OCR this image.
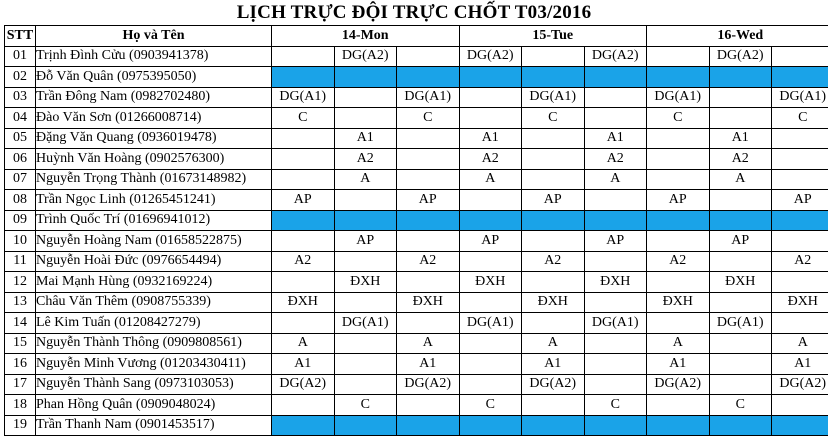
LỊCH TRỰC ĐỘI TRỰC CHỐT T03/2016
STT	Họ và Tên	14-Mon			15-Tue			16-Wed		
01	Trịnh Đình Cửu (0903941378)		DG(A2)		DG(A2)		DG(A2)		DG(A2)	
02	Đỗ Văn Quân (0975395050)									
03	Trần Đông Nam (0982702480)	DG(A1)		DG(A1)		DG(A1)		DG(A1)		DG(A1)
04	Đào Văn Sơn (01266008714)	C		C		C		C		C
05	Đặng Văn Quang (0936019478)		A1		A1		A1		A1	
06	Huỳnh Văn Hoàng (0902576300)		A2		A2		A2		A2	
07	Nguyễn Trọng Thành (01673148982)		A		A		A		A	
08	Trần Ngọc Linh (01265451241)	AP		AP		AP		AP		AP
09	Trình Quốc Trí (01696941012)									
10	Nguyễn Hoàng Nam (01658522875)		AP		AP		AP		AP	
11	Nguyễn Hoài Đức (0976654494)	A2		A2		A2		A2		A2
12	Mai Mạnh Hùng (0932169224)		ĐXH		ĐXH		ĐXH		ĐXH	
13	Châu Văn Thêm (0908755339)	ĐXH		ĐXH		ĐXH		ĐXH		ĐXH
14	Lê Kim Tuấn (01208427279)		DG(A1)		DG(A1)		DG(A1)		DG(A1)	
15	Nguyễn Thành Thông (0909808561)	A		A		A		A		A
16	Nguyễn Minh Vương (01203430411)	A1		A1		A1		A1		A1
17	Nguyễn Thành Sang (0973103053)	DG(A2)		DG(A2)		DG(A2)		DG(A2)		DG(A2)
18	Phan Hồng Quân (0909048024)		C		C		C		C	
19	Trần Thanh Nam (0901453517)									
